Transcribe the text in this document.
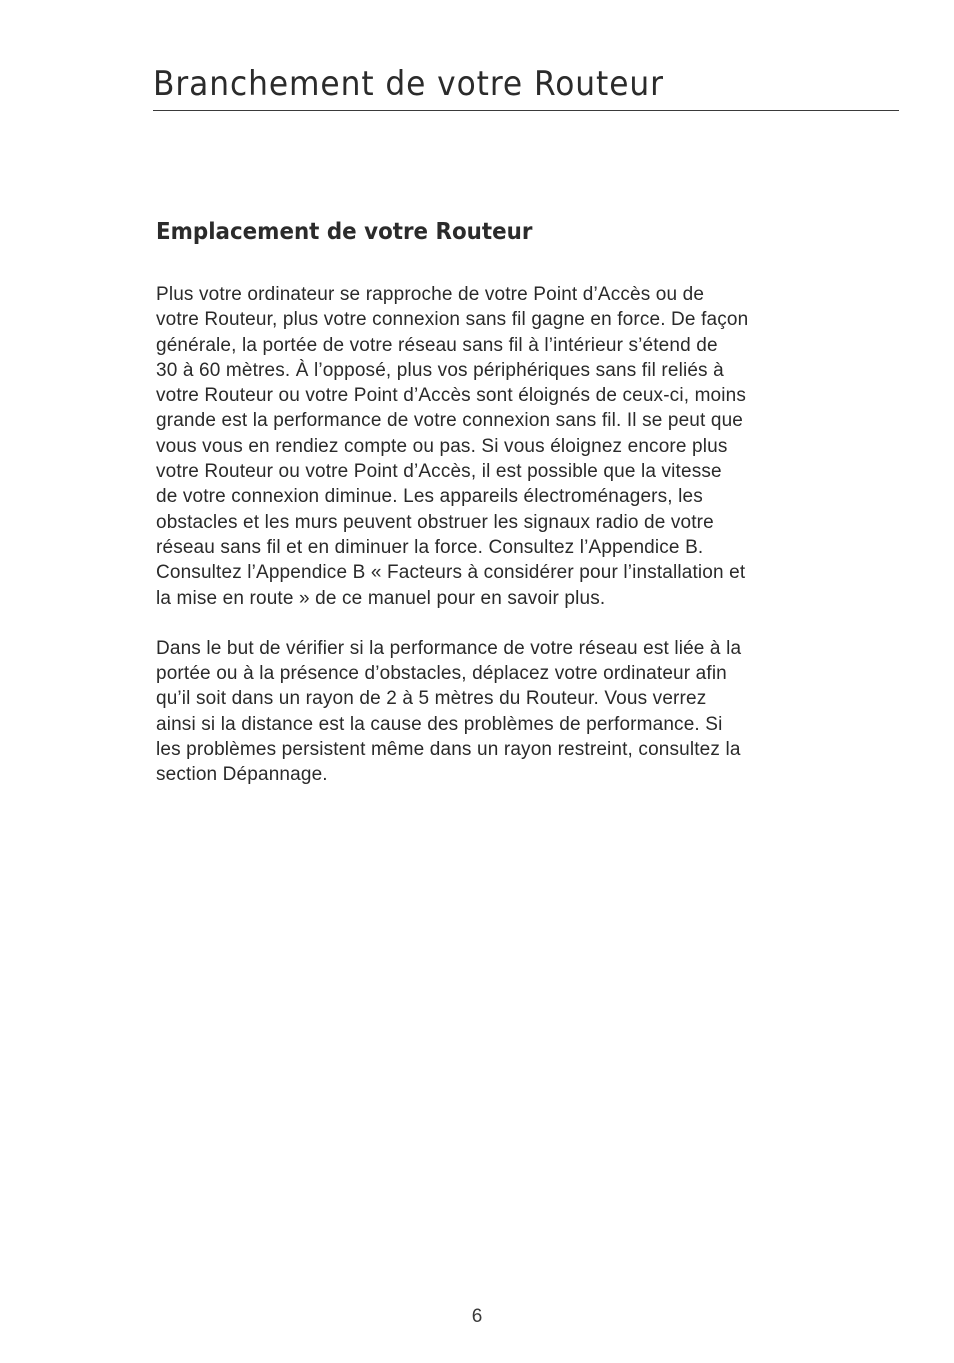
Branchement de votre Routeur
Emplacement de votre Routeur

Plus votre ordinateur se rapproche de votre Point d’Accès ou de
votre Routeur, plus votre connexion sans fil gagne en force. De façon
générale, la portée de votre réseau sans fil à l’intérieur s’étend de
30 à 60 mètres. À l’opposé, plus vos périphériques sans fil reliés à
votre Routeur ou votre Point d’Accès sont éloignés de ceux-ci, moins
grande est la performance de votre connexion sans fil. Il se peut que
vous vous en rendiez compte ou pas. Si vous éloignez encore plus
votre Routeur ou votre Point d’Accès, il est possible que la vitesse
de votre connexion diminue. Les appareils électroménagers, les
obstacles et les murs peuvent obstruer les signaux radio de votre
réseau sans fil et en diminuer la force. Consultez l’Appendice B.
Consultez l’Appendice B « Facteurs à considérer pour l’installation et
la mise en route » de ce manuel pour en savoir plus.

Dans le but de vérifier si la performance de votre réseau est liée à la
portée ou à la présence d’obstacles, déplacez votre ordinateur afin
qu’il soit dans un rayon de 2 à 5 mètres du Routeur. Vous verrez
ainsi si la distance est la cause des problèmes de performance. Si
les problèmes persistent même dans un rayon restreint, consultez la
section Dépannage.

6
